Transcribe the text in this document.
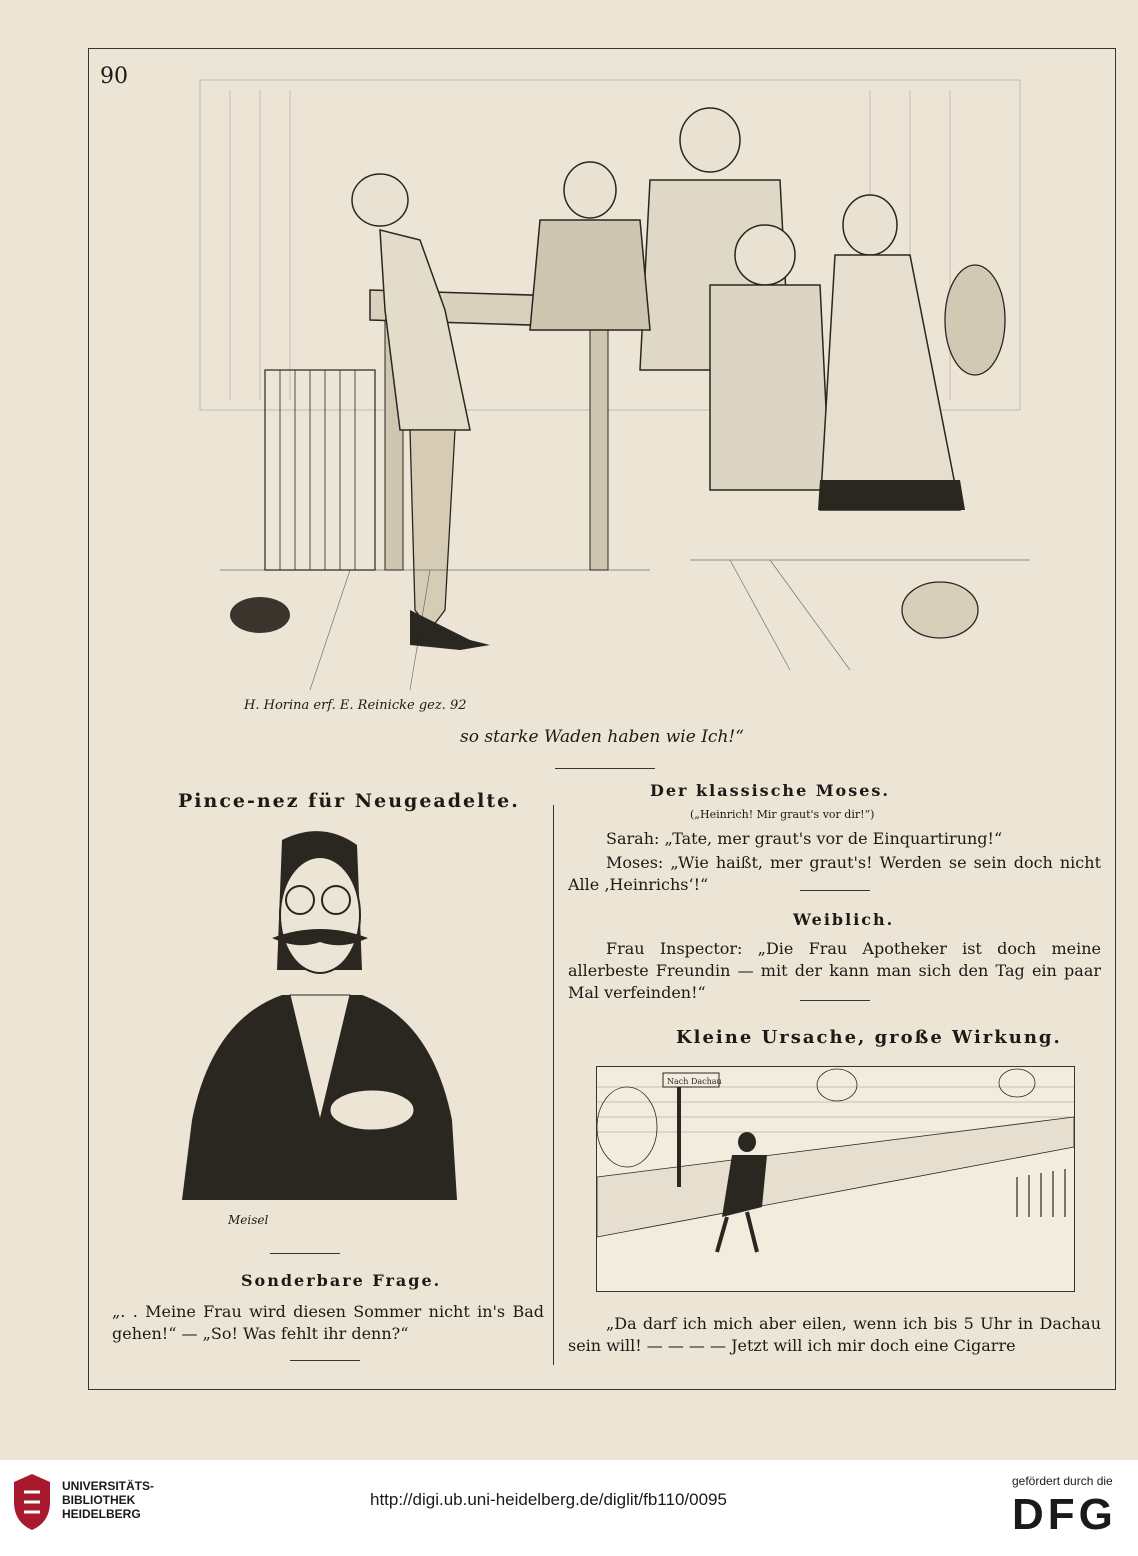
90
H. Horina erf. E. Reinicke gez. 92
so starke Waden haben wie Ich!“
Pince-nez für Neugeadelte.
Meisel
Sonderbare Frage.
„. . Meine Frau wird diesen Sommer nicht in's Bad gehen!“ — „So! Was fehlt ihr denn?“
Der klassische Moses.
(„Heinrich! Mir graut's vor dir!“)
Sarah: „Tate, mer graut's vor de Einquartirung!“
Moses: „Wie haißt, mer graut's! Werden se sein doch nicht Alle ‚Heinrichs‘!“
Weiblich.
Frau Inspector: „Die Frau Apotheker ist doch meine allerbeste Freundin — mit der kann man sich den Tag ein paar Mal verfeinden!“
Kleine Ursache, große Wirkung.
Nach Dachau
„Da darf ich mich aber eilen, wenn ich bis 5 Uhr in Dachau sein will! — — — — Jetzt will ich mir doch eine Cigarre
UNIVERSITÄTS-
BIBLIOTHEK
HEIDELBERG
http://digi.ub.uni-heidelberg.de/diglit/fb110/0095
gefördert durch die
DFG
